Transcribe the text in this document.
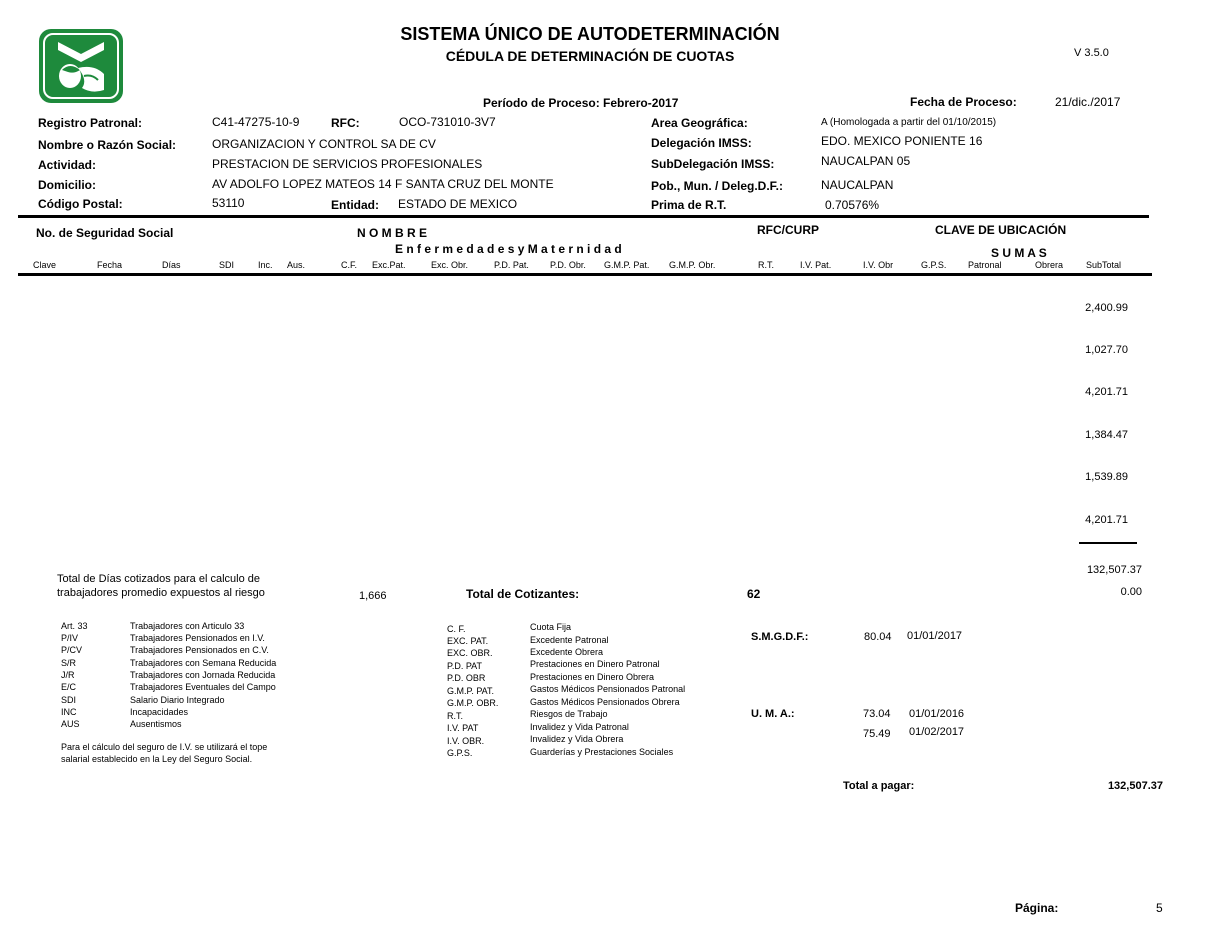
SISTEMA ÚNICO DE AUTODETERMINACIÓN
CÉDULA DE DETERMINACIÓN DE CUOTAS	V 3.5.0
Período de Proceso: Febrero-2017	Fecha de Proceso:	21/dic./2017
Registro Patronal:	C41-47275-10-9	RFC:	OCO-731010-3V7	Area Geográfica:	A (Homologada a partir del 01/10/2015)
Nombre o Razón Social:	ORGANIZACION Y CONTROL SA DE CV	Delegación IMSS:	EDO. MEXICO PONIENTE 16
Actividad:	PRESTACION DE SERVICIOS PROFESIONALES	SubDelegación IMSS:	NAUCALPAN 05
Domicilio:	AV ADOLFO LOPEZ MATEOS 14 F SANTA CRUZ DEL MONTE	Pob., Mun. / Deleg.D.F.:	NAUCALPAN
Código Postal:	53110	Entidad: ESTADO DE MEXICO	Prima de R.T.	0.70576%
No. de Seguridad Social	N O M B R E	RFC/CURP	CLAVE DE UBICACIÓN
E n f e r m e d a d e s y M a t e r n i d a d	S U M A S
Clave	Fecha	Días	SDI	Inc. Aus.	C.F. Exc.Pat.	Exc. Obr.	P.D. Pat. P.D. Obr. G.M.P. Pat. G.M.P. Obr.	R.T.	I.V. Pat.	I.V. Obr	G.P.S. Patronal	Obrera	SubTotal
2,400.99
1,027.70
4,201.71
1,384.47
1,539.89
4,201.71
132,507.37
0.00
Total de Días cotizados para el calculo de
trabajadores promedio expuestos al riesgo	1,666	Total de Cotizantes:	62
Art. 33	Trabajadores con Articulo 33
P/IV	Trabajadores Pensionados en I.V.
P/CV	Trabajadores Pensionados en C.V.
S/R	Trabajadores con Semana Reducida
J/R	Trabajadores con Jornada Reducida
E/C	Trabajadores Eventuales del Campo
SDI	Salario Diario Integrado
INC	Incapacidades
AUS	Ausentismos
Para el cálculo del seguro de I.V. se utilizará el tope
salarial establecido en la Ley del Seguro Social.
C. F.	Cuota Fija
EXC. PAT.	Excedente Patronal
EXC. OBR.	Excedente Obrera
P.D. PAT	Prestaciones en Dinero Patronal
P.D. OBR	Prestaciones en Dinero Obrera
G.M.P. PAT.	Gastos Médicos Pensionados Patronal
G.M.P. OBR.	Gastos Médicos Pensionados Obrera
R.T.	Riesgos de Trabajo
I.V. PAT	Invalidez y Vida Patronal
I.V. OBR.	Invalidez y Vida Obrera
G.P.S.	Guarderías y Prestaciones Sociales
S.M.G.D.F.:	80.04 01/01/2017
U. M. A.:	73.04 01/01/2016
75.49 01/02/2017
Total a pagar:	132,507.37
Página:	5
